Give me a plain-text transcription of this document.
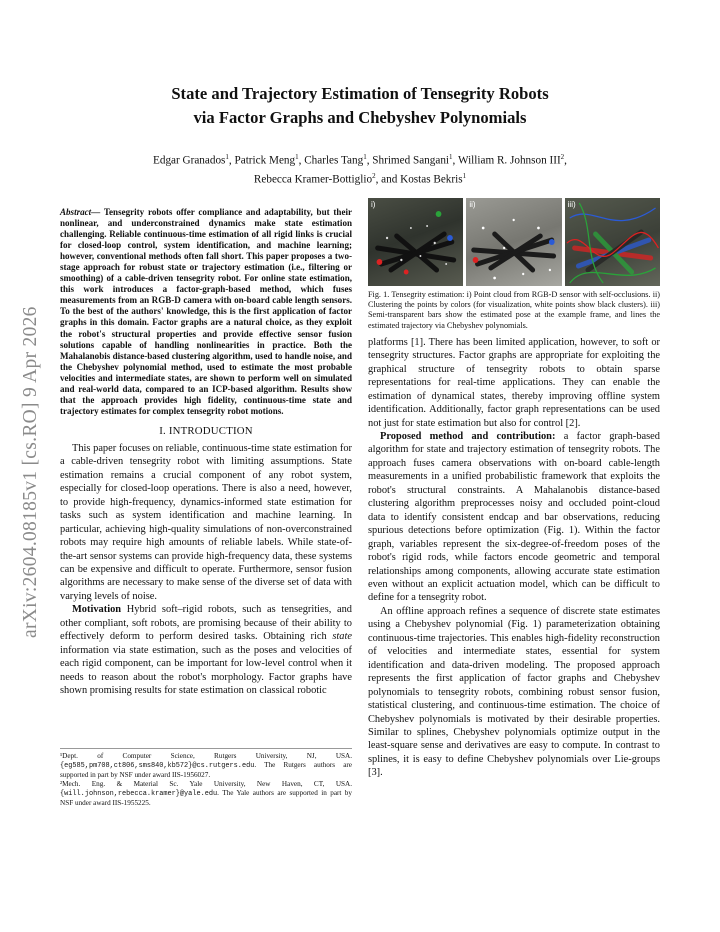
arXiv:2604.08185v1 [cs.RO] 9 Apr 2026
State and Trajectory Estimation of Tensegrity Robots
via Factor Graphs and Chebyshev Polynomials
Edgar Granados$^1$, Patrick Meng$^1$, Charles Tang$^1$, Shrimed Sangani$^1$, William R. Johnson III$^2$,
Rebecca Kramer-Bottiglio$^2$, and Kostas Bekris$^1$

Abstract— Tensegrity robots offer compliance and adaptability, but their nonlinear, and underconstrained dynamics make state estimation challenging. Reliable continuous-time estimation of all rigid links is crucial for closed-loop control, system identification, and machine learning; however, conventional methods often fall short. This paper proposes a two-stage approach for robust state or trajectory estimation (i.e., filtering or smoothing) of a cable-driven tensegrity robot. For online state estimation, this work introduces a factor-graph-based method, which fuses measurements from an RGB-D camera with on-board cable length sensors. To the best of the authors' knowledge, this is the first application of factor graphs in this domain. Factor graphs are a natural choice, as they exploit the robot's structural properties and provide effective sensor fusion solutions capable of handling nonlinearities in practice. Both the Mahalanobis distance-based clustering algorithm, used to handle noise, and the Chebyshev polynomial method, used to estimate the most probable velocities and intermediate states, are shown to perform well on simulated and real-world data, compared to an ICP-based algorithm. Results show that the approach provides high fidelity, continuous-time state and trajectory estimates for complex tensegrity robot motions.

I. INTRODUCTION

This paper focuses on reliable, continuous-time state estimation for a cable-driven tensegrity robot with limiting assumptions. State estimation remains a crucial component of any robot system, especially for closed-loop operations. There is also a need, however, to provide high-frequency, dynamics-informed state estimation for tasks such as system identification and machine learning. In particular, achieving high-quality simulations of non-overconstrained robots may require high amounts of reliable labels. While state-of-the-art sensor systems can provide high-frequency data, these systems can be expensive and difficult to operate. Furthermore, sensor fusion algorithms are necessary to make sense of the diverse set of data with varying levels of noise.

Motivation Hybrid soft–rigid robots, such as tensegrities, and other compliant, soft robots, are promising because of their ability to effectively deform to perform desired tasks. Obtaining rich state information via state estimation, such as the poses and velocities of each rigid component, can be important for low-level control when it needs to reason about the robot's morphology. Factor graphs have shown promising results for state estimation on classical robotic

¹Dept. of Computer Science, Rutgers University, NJ, USA. {eg585,pm708,ct806,sms840,kb572}@cs.rutgers.edu. The Rutgers authors are supported in part by NSF under award IIS-1956027.
²Mech. Eng. & Material Sc. Yale University, New Haven, CT, USA. {will.johnson,rebecca.kramer}@yale.edu. The Yale authors are supported in part by NSF under award IIS-1955225.
i)	ii)	iii)

Fig. 1. Tensegrity estimation: i) Point cloud from RGB-D sensor with self-occlusions. ii) Clustering the points by colors (for visualization, white points show black clusters). iii) Semi-transparent bars show the estimated pose at the example frame, and lines the estimated trajectory via Chebyshev polynomials.

platforms [1]. There has been limited application, however, to soft or tensegrity structures. Factor graphs are appropriate for exploiting the graphical structure of tensegrity robots to obtain sparse representations for real-time applications. They can enable the estimation of dynamical states, thereby improving offline system identification. Additionally, factor graph representations can be used not just for state estimation but also for control [2].

Proposed method and contribution: a factor graph-based algorithm for state and trajectory estimation of tensegrity robots. The approach fuses camera observations with on-board cable-length measurements in a unified probabilistic framework that exploits the robot's structural constraints. A Mahalanobis distance-based clustering algorithm preprocesses noisy and occluded point-cloud data to identify consistent endcap and bar observations, reducing spurious detections before optimization (Fig. 1). Within the factor graph, variables represent the six-degree-of-freedom poses of the robot's rigid rods, while factors encode geometric and temporal relationships among components, allowing accurate state estimation even without an explicit actuation model, which can be difficult to define for a tensegrity robot.

An offline approach refines a sequence of discrete state estimates using a Chebyshev polynomial (Fig. 1) parameterization obtaining continuous-time trajectories. This enables high-fidelity reconstruction of velocities and intermediate states, essential for system identification and data-driven modeling. The proposed approach represents the first application of factor graphs and Chebyshev polynomials to tensegrity robots, combining robust sensor fusion, statistical clustering, and continuous-time estimation. The choice of Chebyshev polynomials is motivated by their desirable properties. Similar to splines, Chebyshev polynomials optimize output in the least-square sense and derivatives are easy to compute. In contrast to splines, it is easy to define Chebyshev polynomials over Lie-groups [3].
